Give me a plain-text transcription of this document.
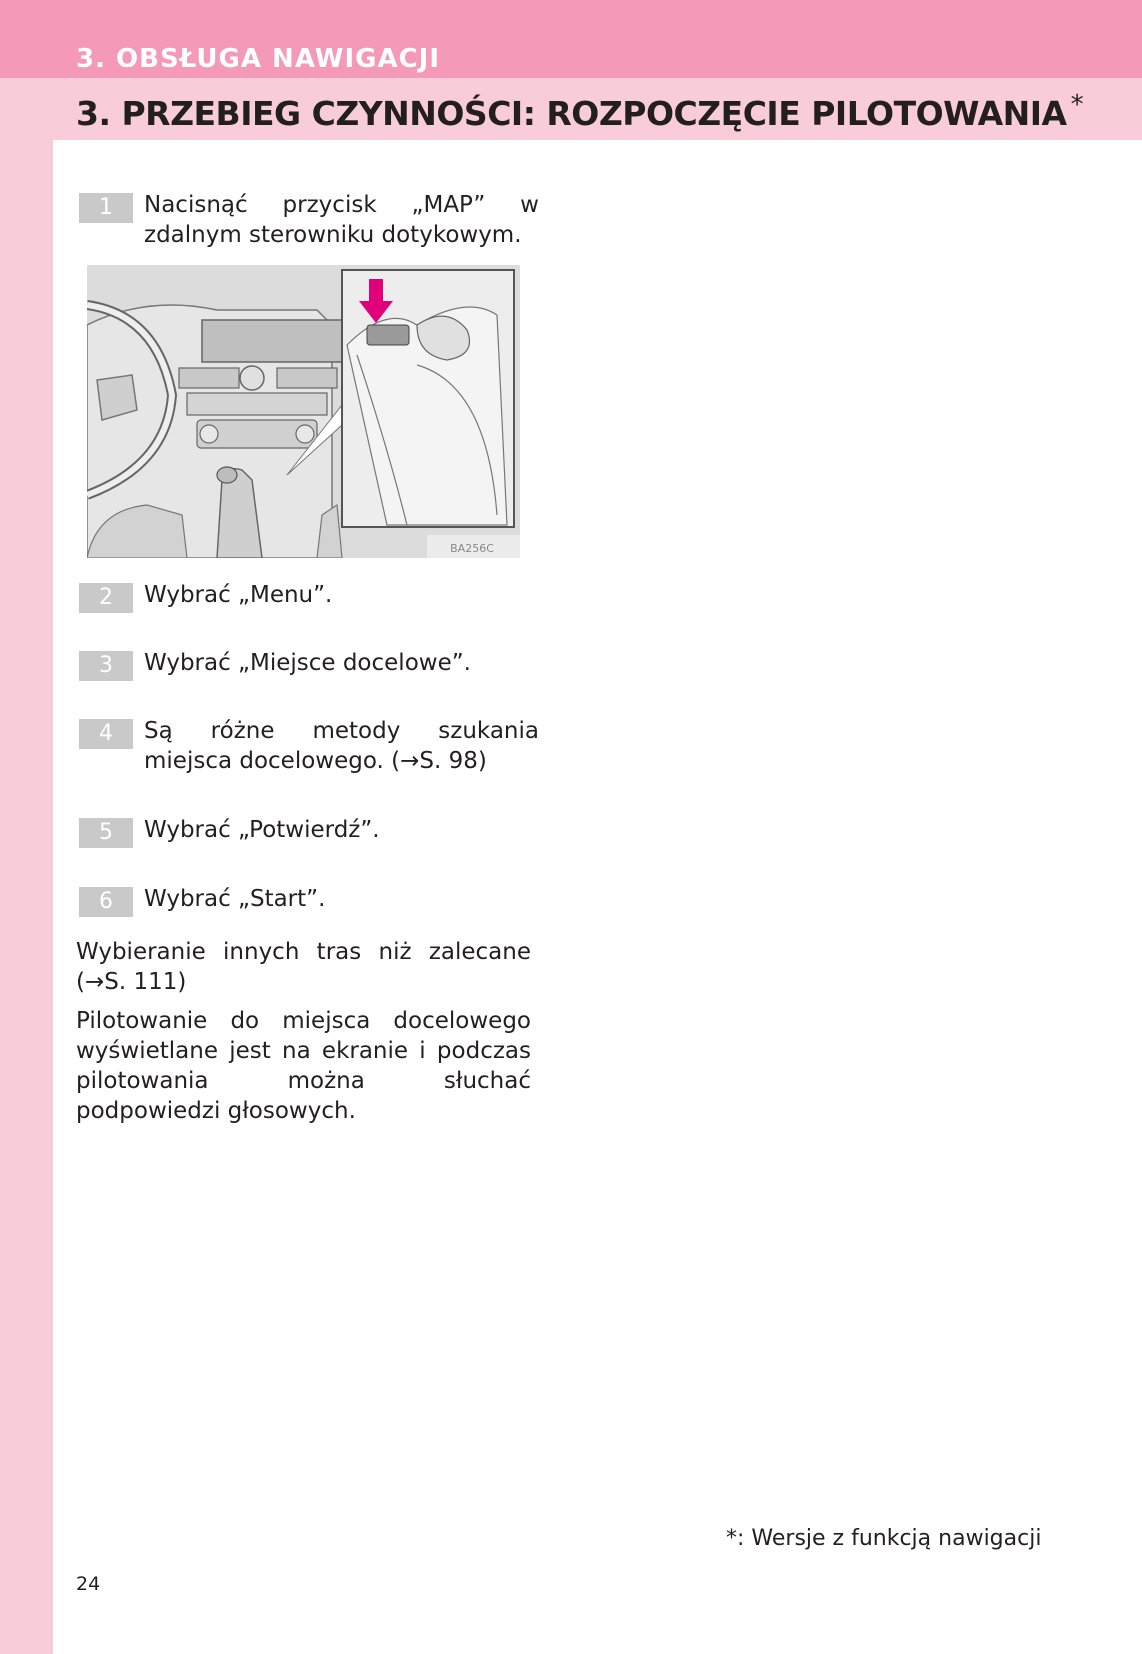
3. OBSŁUGA NAWIGACJI
3. PRZEBIEG CZYNNOŚCI: ROZPOCZĘCIE PILOTOWANIA *
1	Nacisnąć przycisk „MAP” w zdalnym sterowniku dotykowym.
BA256C
2	Wybrać „Menu”.
3	Wybrać „Miejsce docelowe”.
4	Są różne metody szukania miejsca docelowego. (→S. 98)
5	Wybrać „Potwierdź”.
6	Wybrać „Start”.
Wybieranie innych tras niż zalecane (→S. 111)
Pilotowanie do miejsca docelowego wyświetlane jest na ekranie i podczas pilotowania można słuchać podpowiedzi głosowych.
*: Wersje z funkcją nawigacji
24
